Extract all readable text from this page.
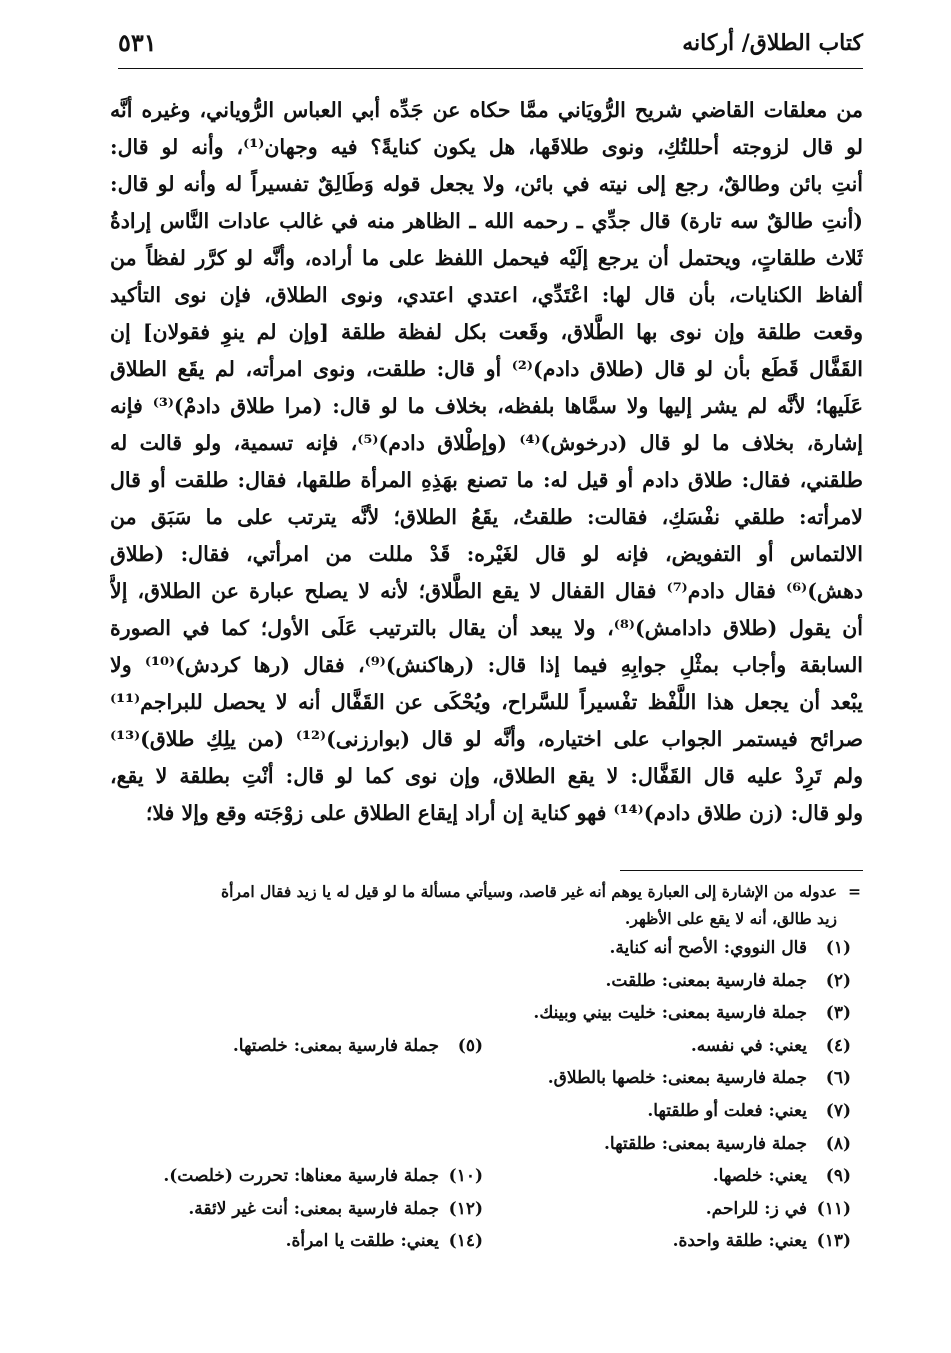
كتاب الطلاق/ أركانه
٥٣١
من معلقات القاضي شريح الرُّويَاني ممَّا حكاه عن جَدِّه أبي العباس الرُّوياني، وغيره أنَّه
لو قال لزوجته أحللتُكِ، ونوى طلاقَها، هل يكون كنايةً؟ فيه وجهان⁽¹⁾، وأنه لو قال:
أنتِ بائن وطالقٌ، رجع إلى نيته في بائن، ولا يجعل قوله وَطَالِقٌ تفسيراً له وأنه لو قال:
(أنتِ طالقٌ سه تارة) قال جدِّي ـ رحمه الله ـ الظاهر منه في غالب عادات النَّاس إرادةُ
ثَلاث طلقاتٍ، ويحتمل أن يرجع إلَيْه فيحمل اللفظ على ما أراده، وأنَّه لو كرَّر لفظاً من
ألفاظ الكنايات، بأن قال لها: اعْتَدِّي، اعتدي اعتدي، ونوى الطلاق، فإن نوى التأكيد
وقعت طلقة وإن نوى بها الطَّلاق، وقَعت بكل لفظة طلقة [وإن لم ينوِ فقولان] إن
القَفَّال قَطَع بأن لو قال (طلاق دادم)⁽²⁾ أو قال: طلقت، ونوى امرأته، لم يقَع الطلاق
عَلَيها؛ لأنَّه لم يشر إليها ولا سمَّاها بلفظه، بخلاف ما لو قال: (مرا طلاق دادمْ)⁽³⁾ فإنه
إشارة، بخلاف ما لو قال (درخوش)⁽⁴⁾ (وإطْلاق دادم)⁽⁵⁾، فإنه تسمية، ولو قالت له
طلقني، فقال: طلاق دادم أو قيل له: ما تصنع بهَذِهِ المرأة طلقها، فقال: طلقت أو قال
لامرأته: طلقي نفْسَكِ، فقالت: طلقتُ، يقَعُ الطلاق؛ لأنَّه يترتب على ما سَبَق من
الالتماس أو التفويض، فإنه لو قال لغَيْره: قَدْ مللت من امرأتي، فقال: (طلاق
دهش)⁽⁶⁾ فقال دادم⁽⁷⁾ فقال القفال لا يقع الطَّلاق؛ لأنه لا يصلح عبارة عن الطلاق، إلاَّ
أن يقول (طلاق دادامش)⁽⁸⁾، ولا يبعد أن يقال بالترتيب عَلَى الأول؛ كما في الصورة
السابقة وأجاب بمثْلِ جوابِهِ فيما إذا قال: (رهاكنش)⁽⁹⁾، فقال (رها كردش)⁽¹⁰⁾ ولا
يبْعد أن يجعل هذا اللَّفْظ تفْسيراً للسَّراح، ويُحْكَى عن القَفَّال أنه لا يحصل للبراجم⁽¹¹⁾
صرائح فيستمر الجواب على اختياره، وأنَّه لو قال (بوارزنى)⁽¹²⁾ (من يلِكِ طلاق)⁽¹³⁾
ولم تَرِدْ عليه قال القَفَّال: لا يقع الطلاق، وإن نوى كما لو قال: أنْتِ بطلقة لا يقع،
ولو قال: (زن طلاق دادم)⁽¹⁴⁾ فهو كناية إن أراد إيقاع الطلاق على زوْجَته وقع وإلا فلا؛
=
عدوله من الإشارة إلى العبارة يوهم أنه غير قاصد، وسيأتي مسألة ما لو قيل له يا زيد فقال امرأة
زيد طالق، أنه لا يقع على الأظهر.
(١)قال النووي: الأصح أنه كناية.
(٢)جملة فارسية بمعنى: طلقت.
(٣)جملة فارسية بمعنى: خليت بيني وبينك.
(٤)يعني: في نفسه.
(٥)جملة فارسية بمعنى: خلصتها.
(٦)جملة فارسية بمعنى: خلصها بالطلاق.
(٧)يعني: فعلت أو طلقتها.
(٨)جملة فارسية بمعنى: طلقتها.
(٩)يعني: خلصها.
(١٠)جملة فارسية معناها: تحررت (خلصت).
(١١)في ز: للراحم.
(١٢)جملة فارسية بمعنى: أنت غير لائقة.
(١٣)يعني: طلقة واحدة.
(١٤)يعني: طلقت يا امرأة.
